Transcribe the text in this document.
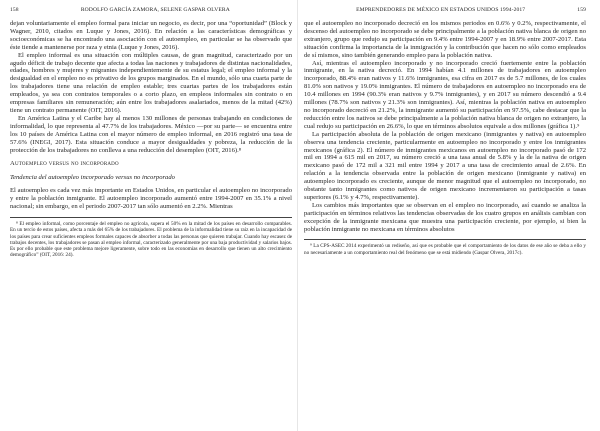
158	RODOLFO GARCÍA ZAMORA, SELENE GASPAR OLVERA

dejan voluntariamente el empleo formal para iniciar un negocio, es decir, por una “oportunidad” (Block y Wagner, 2010, citados en Luque y Jones, 2016). En relación a las características demográficas y socioeconómicas se ha encontrado una asociación con el autoempleo, en particular se ha observado que éste tiende a mantenerse por raza y etnia (Luque y Jones, 2016).

El empleo informal es una situación con múltiples causas, de gran magnitud, caracterizado por un agudo déficit de trabajo decente que afecta a todas las naciones y trabajadores de distintas nacionalidades, edades, hombres y mujeres y migrantes independientemente de su estatus legal; el empleo informal y la desigualdad en el empleo no es privativo de los grupos marginados. En el mundo, sólo una cuarta parte de los trabajadores tiene una relación de empleo estable; tres cuartas partes de los trabajadores están empleados, ya sea con contratos temporales o a corto plazo, en empleos informales sin contrato o en empresas familiares sin remuneración; aún entre los trabajadores asalariados, menos de la mitad (42%) tiene un contrato permanente (OIT, 2016).

En América Latina y el Caribe hay al menos 130 millones de personas trabajando en condiciones de informalidad, lo que representa al 47.7% de los trabajadores. México —por su parte— se encuentra entre los 10 países de América Latina con el mayor número de empleo informal, en 2016 registró una tasa de 57.6% (INEGI, 2017). Esta situación conduce a mayor desigualdades y pobreza, la reducción de la protección de los trabajadores no conlleva a una reducción del desempleo (OIT, 2016).⁸

Autoempleo versus no incorporado
Tendencia del autoempleo incorporado versus no incorporado

El autoempleo es cada vez más importante en Estados Unidos, en particular el autoempleo no incorporado y entre la población inmigrante. El autoempleo incorporado aumentó entre 1994-2007 en 35.1% a nivel nacional; sin embargo, en el periodo 2007-2017 tan sólo aumentó en 2.2%. Mientras

⁸ El empleo informal, como porcentaje del empleo no agrícola, supera el 50% en la mitad de los países en desarrollo comparables. En un tercio de estos países, afecta a más del 65% de los trabajadores. El problema de la informalidad tiene su raíz en la incapacidad de los países para crear suficientes empleos formales capaces de absorber a todas las personas que quieren trabajar. Cuando hay escasez de trabajos decentes, los trabajadores se pasan al empleo informal, caracterizado generalmente por una baja productividad y salarios bajos. Es por ello probable que este problema mejore ligeramente, sobre todo en las economías en desarrollo que tienen un alto crecimiento demográfico” (OIT, 2016: 24).
EMPRENDEDORES DE MÉXICO EN ESTADOS UNIDOS 1994-2017	159

que el autoempleo no incorporado decreció en los mismos periodos en 0.6% y 0.2%, respectivamente, el descenso del autoempleo no incorporado se debe principalmente a la población nativa blanca de origen no extranjero, grupo que redujo su participación en 9.4% entre 1994-2007 y en 18.9% entre 2007-2017. Esta situación confirma la importancia de la inmigración y la contribución que hacen no sólo como empleados de sí mismos, sino también generando empleo para la población nativa.

Así, mientras el autoempleo incorporado y no incorporado creció fuertemente entre la población inmigrante, en la nativa decreció. En 1994 habían 4.1 millones de trabajadores en autoempleo incorporado, 88.4% eran nativos y 11.6% inmigrantes, esa cifra en 2017 es de 5.7 millones, de los cuales 81.0% son nativos y 19.0% inmigrantes. El número de trabajadores en autoempleo no incorporado era de 10.4 millones en 1994 (90.3% eran nativos y 9.7% inmigrantes), y en 2017 su número descendió a 9.4 millones (78.7% son nativos y 21.3% son inmigrantes). Así, mientras la población nativa en autoempleo no incorporado decreció en 21.2%, la inmigrante aumentó su participación en 97.5%, cabe destacar que la reducción entre los nativos se debe principalmente a la población nativa blanca de origen no extranjero, la cual redujo su participación en 26.6%, lo que en términos absolutos equivale a dos millones (gráfica 1).⁹

La participación absoluta de la población de origen mexicano (inmigrantes y nativa) en autoempleo observa una tendencia creciente, particularmente en autoempleo no incorporado y entre los inmigrantes mexicanos (gráfica 2). El número de inmigrantes mexicanos en autoempleo no incorporado pasó de 172 mil en 1994 a 615 mil en 2017, su número creció a una tasa anual de 5.8% y la de la nativa de origen mexicano pasó de 172 mil a 321 mil entre 1994 y 2017 a una tasa de crecimiento anual de 2.6%. En relación a la tendencia observada entre la población de origen mexicano (inmigrante y nativa) en autoempleo incorporado es creciente, aunque de menor magnitud que el autoempleo no incorporado, no obstante tanto inmigrantes como nativos de origen mexicano incrementaron su participación a tasas superiores (6.1% y 4.7%, respectivamente).

Los cambios más importantes que se observan en el empleo no incorporado, así cuando se analiza la participación en términos relativos las tendencias observadas de los cuatro grupos en análisis cambian con excepción de la inmigrante mexicana que muestra una participación creciente, por ejemplo, si bien la población inmigrante no mexicana en términos absolutos

⁹ La CPS-ASEC 2014 experimentó un rediseño, así que es probable que el comportamiento de los datos de ese año se deba a ello y no necesariamente a un comportamiento real del fenómeno que se está midiendo (Gaspar Olvera, 2017c).
